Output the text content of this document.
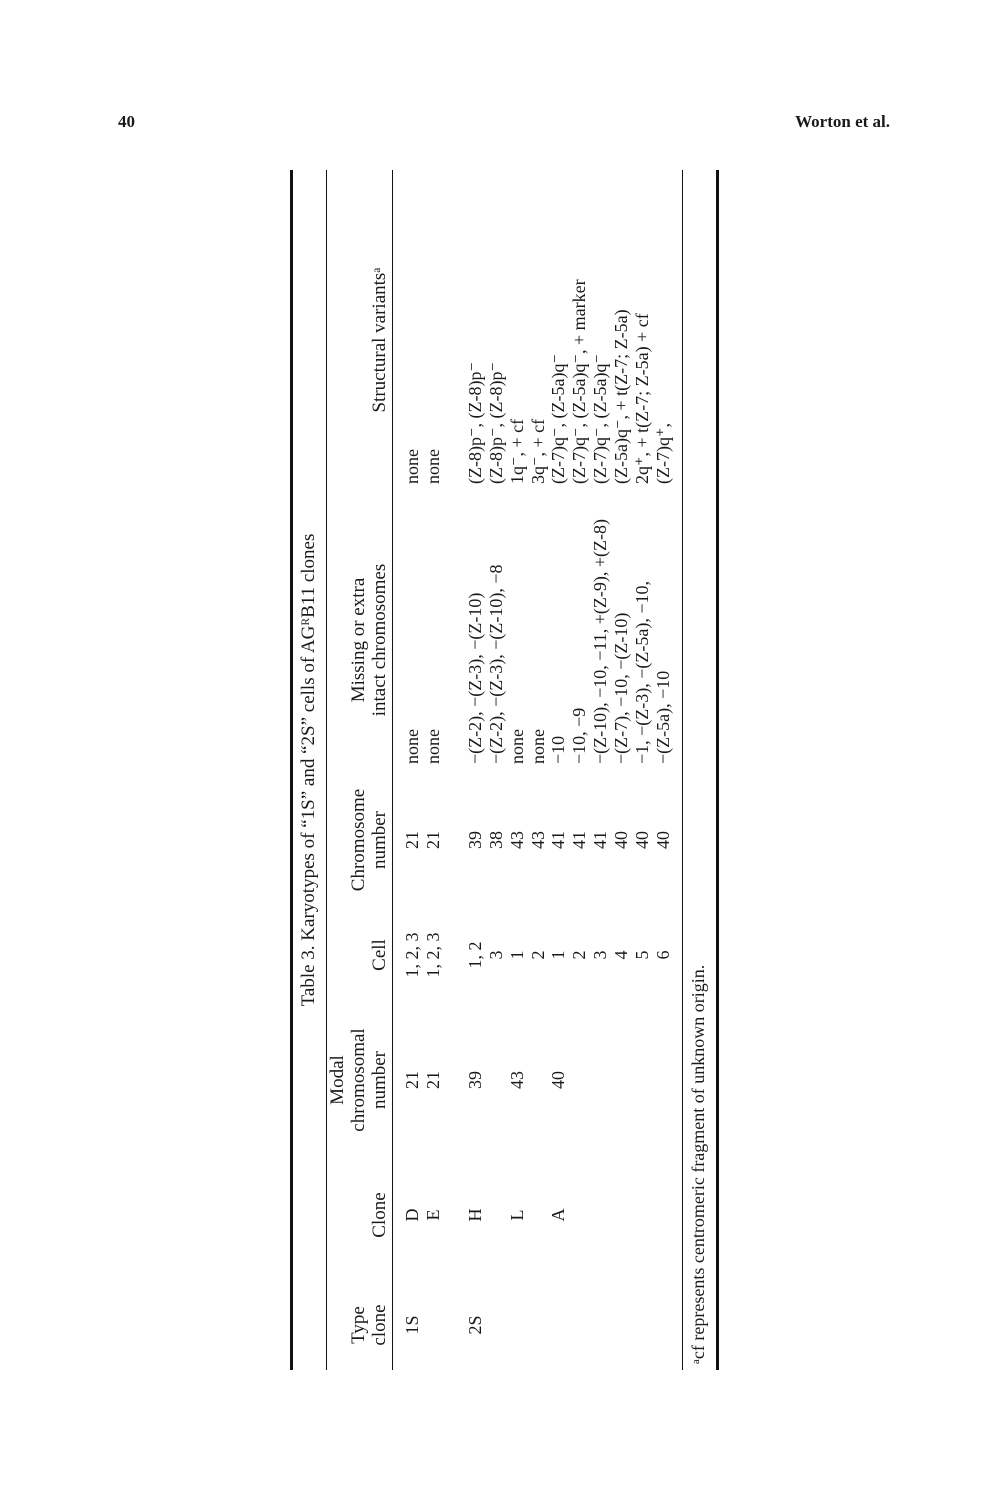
40	Worton et al.
Table 3. Karyotypes of “1S” and “2S” cells of AGᴿB11 clones
ᵃcf represents centromeric fragment of unknown origin.
Type
clone
Clone
Modal
chromosomal
number
Cell
Chromosome
number
Missing or extra
intact chromosomes
Structural variantsᵃ
1S
D
21
1, 2, 3
21
none
none
E
21
1, 2, 3
21
none
none
2S
H
39
1, 2
39
−(Z-2), −(Z-3), −(Z-10)
(Z-8)p⁻, (Z-8)p⁻
3
38
−(Z-2), −(Z-3), −(Z-10), −8
(Z-8)p⁻, (Z-8)p⁻
L
43
1
43
none
1q⁻, + cf
2
43
none
3q⁻, + cf
A
40
1
41
−10
(Z-7)q⁻, (Z-5a)q⁻
2
41
−10, −9
(Z-7)q⁻, (Z-5a)q⁻, + marker
3
41
−(Z-10), −10, −11, +(Z-9), +(Z-8)
(Z-7)q⁻, (Z-5a)q⁻
4
40
−(Z-7), −10, −(Z-10)
(Z-5a)q⁻, + t(Z-7; Z-5a)
5
40
−1, −(Z-3), −(Z-5a), −10,
2q⁺, + t(Z-7; Z-5a) + cf
6
40
−(Z-5a), −10
(Z-7)q⁺,
